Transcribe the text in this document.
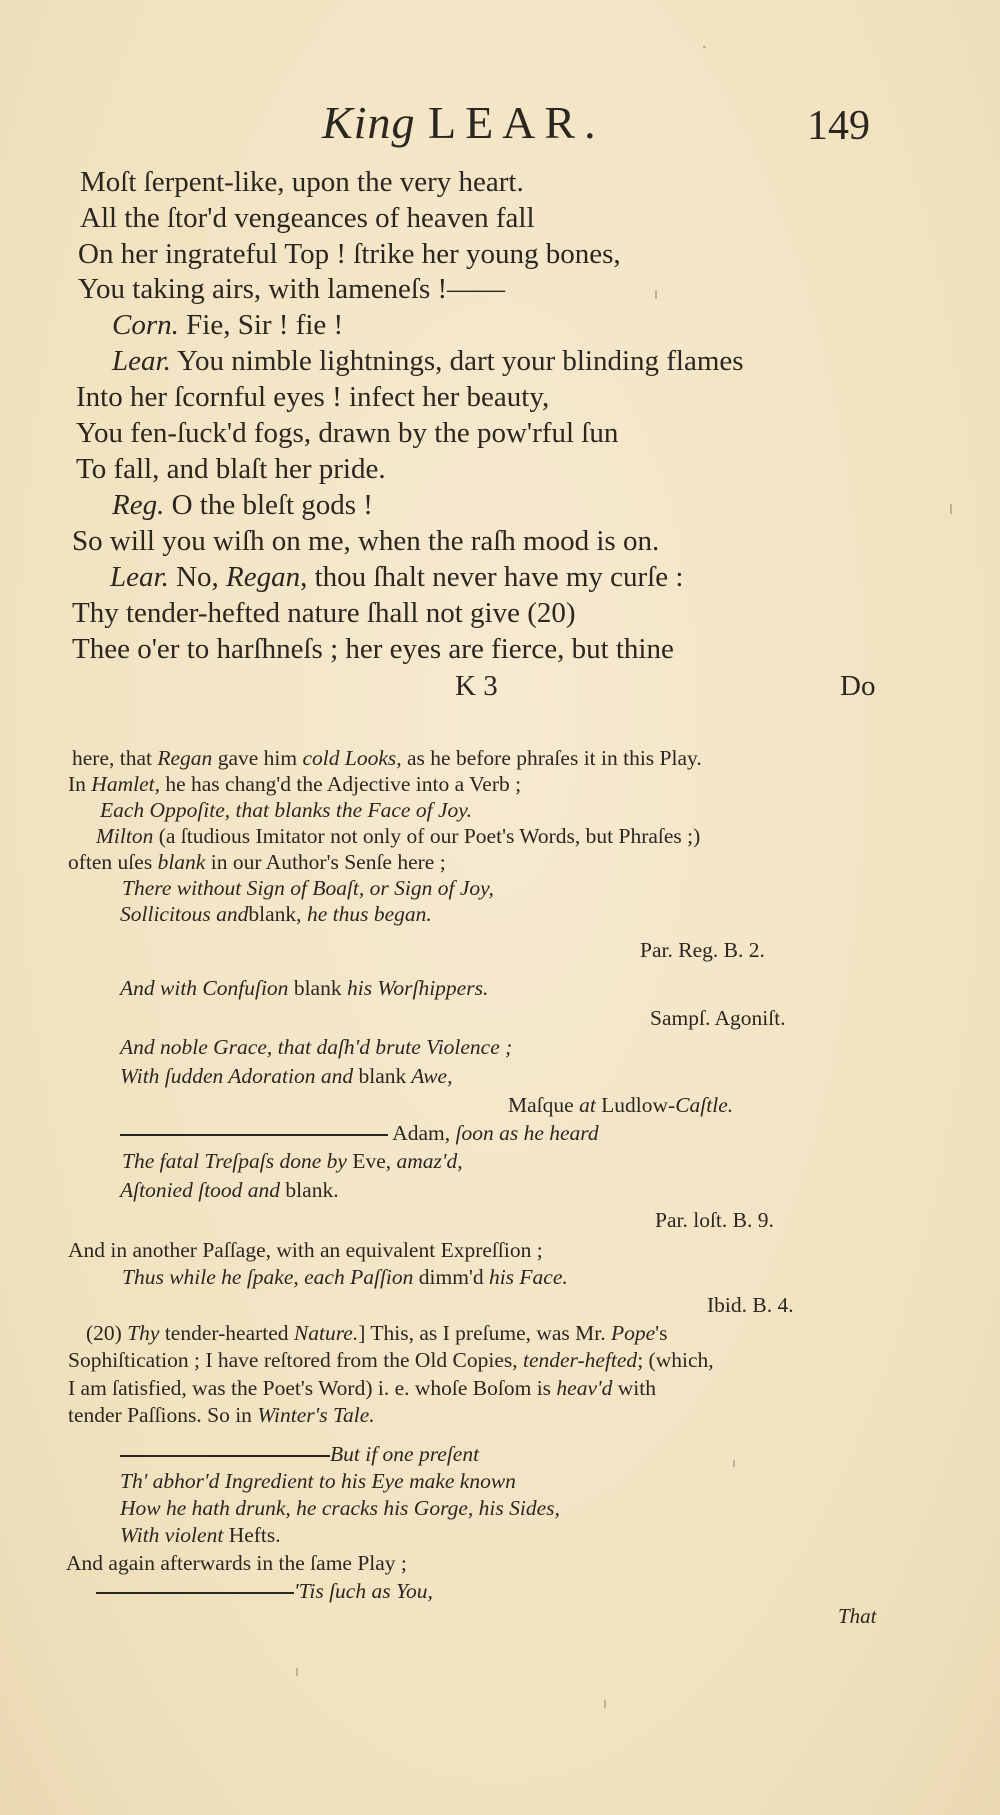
King LEAR.	149
Moſt ſerpent-like, upon the very heart.
All the ſtor'd vengeances of heaven fall
On her ingrateful Top ! ſtrike her young bones,
You taking airs, with lameneſs !——
Corn. Fie, Sir ! fie !
Lear. You nimble lightnings, dart your blinding flames
Into her ſcornful eyes ! infect her beauty,
You fen-ſuck'd fogs, drawn by the pow'rful ſun
To fall, and blaſt her pride.
Reg. O the bleſt gods !
So will you wiſh on me, when the raſh mood is on.
Lear. No, Regan, thou ſhalt never have my curſe :
Thy tender-hefted nature ſhall not give (20)
Thee o'er to harſhneſs ; her eyes are fierce, but thine
K 3	Do
here, that Regan gave him cold Looks, as he before phraſes it in this Play.
In Hamlet, he has chang'd the Adjective into a Verb ;
Each Oppoſite, that blanks the Face of Joy.
Milton (a ſtudious Imitator not only of our Poet's Words, but Phraſes ;)
often uſes blank in our Author's Senſe here ;
There without Sign of Boaſt, or Sign of Joy,
Sollicitous andblank, he thus began.
Par. Reg. B. 2.
And with Confuſion blank his Worſhippers.
Sampſ. Agoniſt.
And noble Grace, that daſh'd brute Violence ;
With ſudden Adoration and blank Awe,
Maſque at Ludlow-Caſtle.
Adam, ſoon as he heard
The fatal Treſpaſs done by Eve, amaz'd,
Aſtonied ſtood and blank.
Par. loſt. B. 9.
And in another Paſſage, with an equivalent Expreſſion ;
Thus while he ſpake, each Paſſion dimm'd his Face.
Ibid. B. 4.
(20) Thy tender-hearted Nature.] This, as I preſume, was Mr. Pope's
Sophiſtication ; I have reſtored from the Old Copies, tender-hefted; (which,
I am ſatisfied, was the Poet's Word) i. e. whoſe Boſom is heav'd with
tender Paſſions. So in Winter's Tale.
But if one preſent
Th' abhor'd Ingredient to his Eye make known
How he hath drunk, he cracks his Gorge, his Sides,
With violent Hefts.
And again afterwards in the ſame Play ;
'Tis ſuch as You,
That
